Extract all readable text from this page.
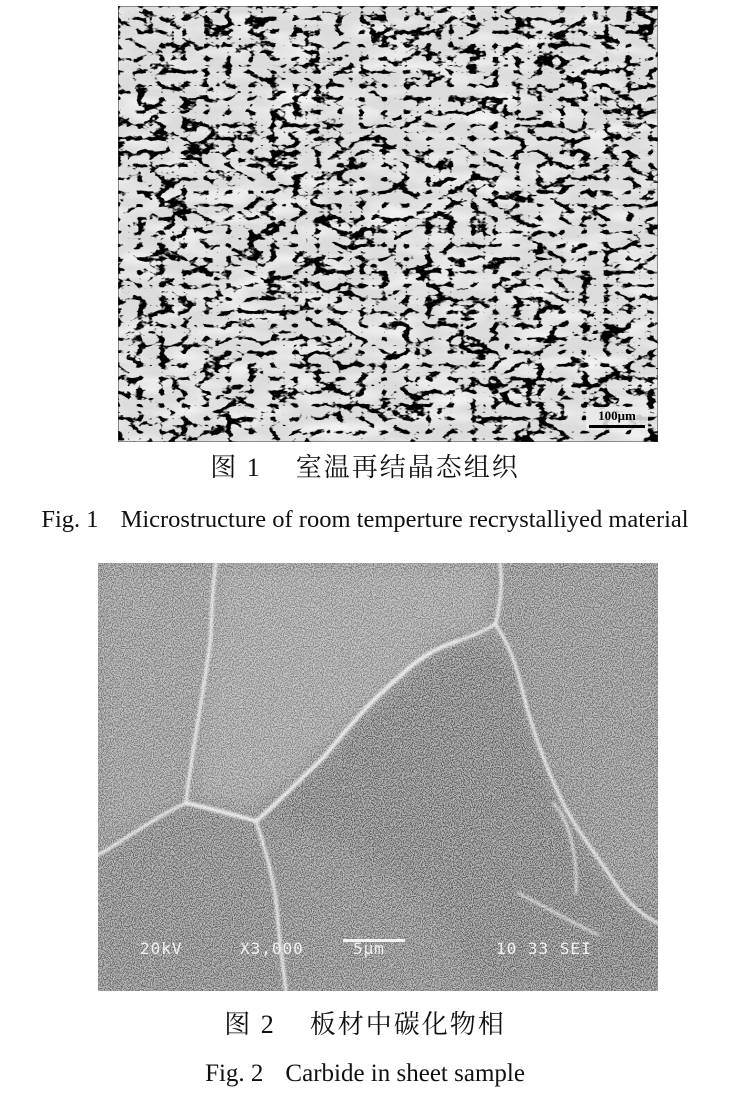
100μm
图 1 室温再结晶态组织
Fig. 1 Microstructure of room temperture recrystalliyed material
20kV	X3,000	5μm	10 33 SEI
图 2 板材中碳化物相
Fig. 2 Carbide in sheet sample
